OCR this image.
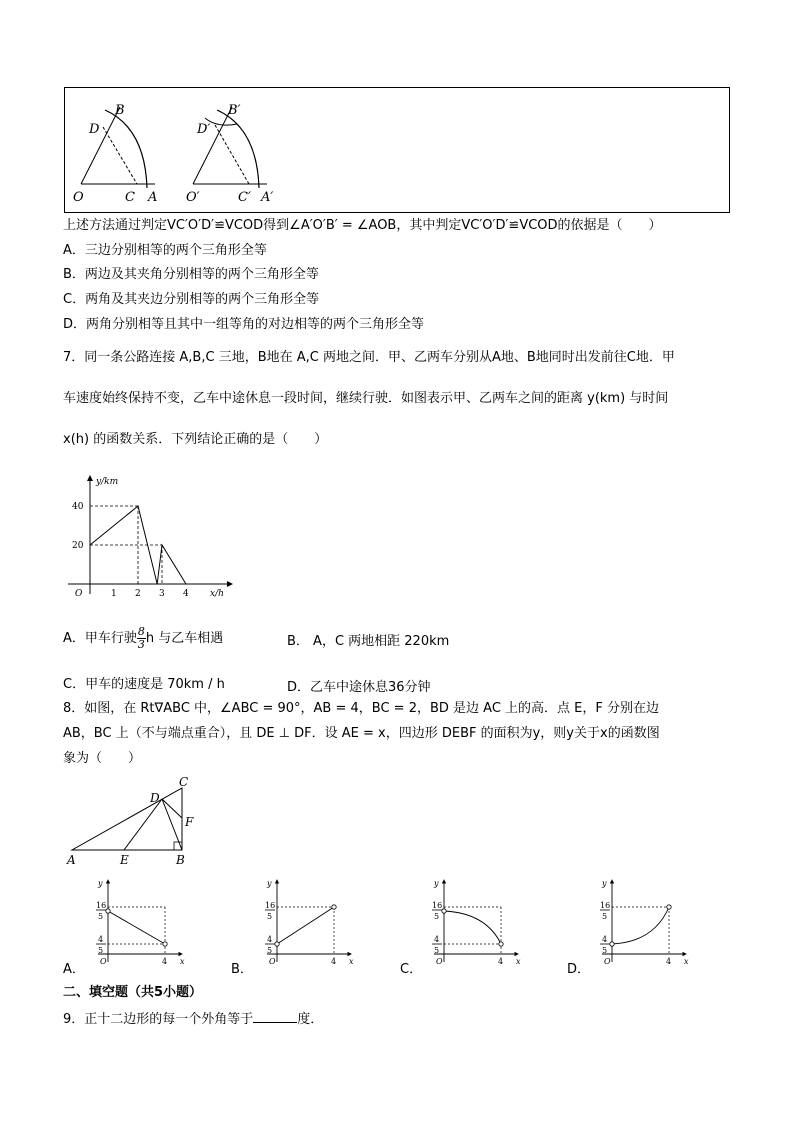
B
D
O	C A
B′
D′
O′	C′ A′
上述方法通过判定VC′O′D′≌VCOD得到∠A′O′B′ = ∠AOB，其中判定VC′O′D′≌VCOD的依据是（　　）
A．三边分别相等的两个三角形全等
B．两边及其夹角分别相等的两个三角形全等
C．两角及其夹边分别相等的两个三角形全等
D．两角分别相等且其中一组等角的对边相等的两个三角形全等
7．同一条公路连接 A,B,C 三地，B地在 A,C 两地之间．甲、乙两车分别从A地、B地同时出发前往C地．甲
车速度始终保持不变，乙车中途休息一段时间，继续行驶．如图表示甲、乙两车之间的距离 y(km) 与时间
x(h) 的函数关系．下列结论正确的是（　　）
y/km
x/h
O	1 2 3 4
20
40
A．甲车行驶 $\frac{8}{3}$ h 与乙车相遇	B． A，C 两地相距 220km
C．甲车的速度是 70km / h	D．乙车中途休息36分钟
8．如图，在 Rt∇ABC 中，∠ABC = 90°，AB = 4，BC = 2，BD 是边 AC 上的高．点 E，F 分别在边
AB，BC 上（不与端点重合），且 DE ⊥ DF．设 AE = x，四边形 DEBF 的面积为y，则y关于x的函数图
象为（　　）
A	B
C
D
E
F
16
5
4
5
4
O
y
x
16
5
4
5
4
O
y
x
16
5
4
5
4
O
y
x
16
5
4
5
4
O
y
x
A．	B．	C．	D．
二、填空题（共5小题）
9．正十二边形的每一个外角等于	度．
